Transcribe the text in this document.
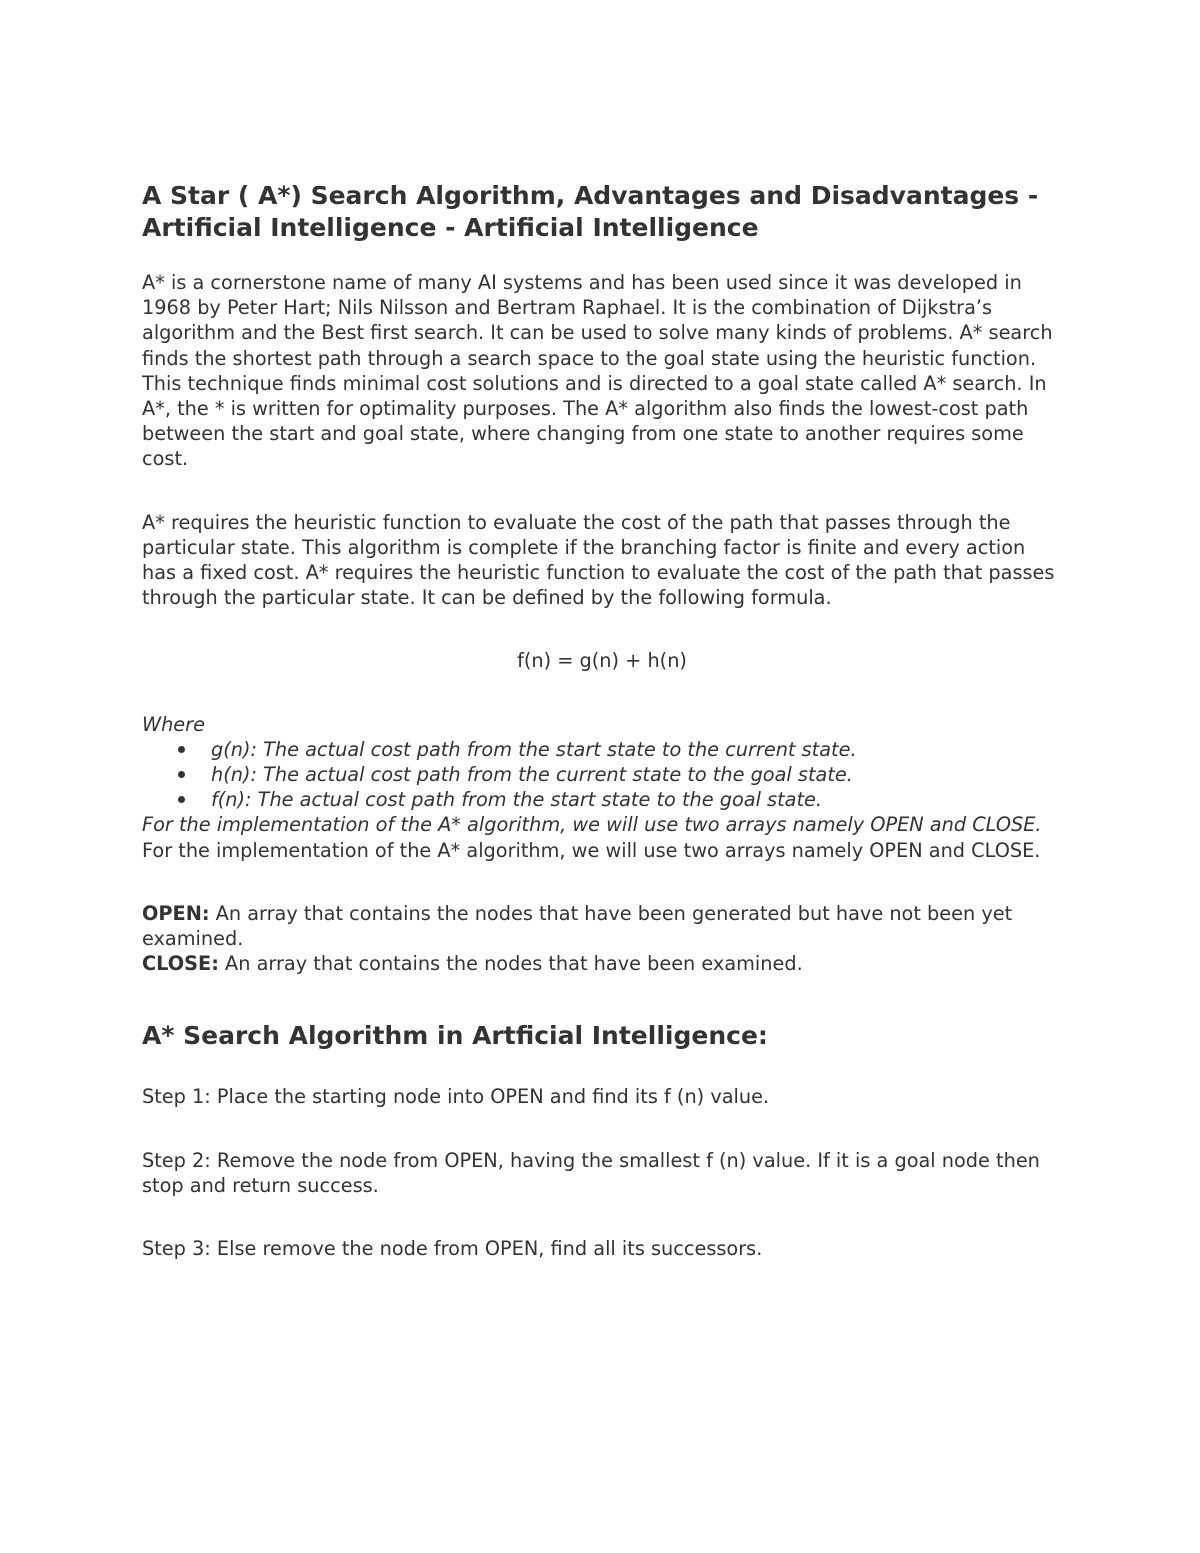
A Star ( A*) Search Algorithm, Advantages and Disadvantages - Artificial Intelligence - Artificial Intelligence

A* is a cornerstone name of many AI systems and has been used since it was developed in 1968 by Peter Hart; Nils Nilsson and Bertram Raphael. It is the combination of Dijkstra’s algorithm and the Best first search. It can be used to solve many kinds of problems. A* search finds the shortest path through a search space to the goal state using the heuristic function. This technique finds minimal cost solutions and is directed to a goal state called A* search. In A*, the * is written for optimality purposes. The A* algorithm also finds the lowest-cost path between the start and goal state, where changing from one state to another requires some cost.

A* requires the heuristic function to evaluate the cost of the path that passes through the particular state. This algorithm is complete if the branching factor is finite and every action has a fixed cost. A* requires the heuristic function to evaluate the cost of the path that passes through the particular state. It can be defined by the following formula.

f(n) = g(n) + h(n)

Where

g(n): The actual cost path from the start state to the current state.
h(n): The actual cost path from the current state to the goal state.
f(n): The actual cost path from the start state to the goal state.

For the implementation of the A* algorithm, we will use two arrays namely OPEN and CLOSE.

For the implementation of the A* algorithm, we will use two arrays namely OPEN and CLOSE.

OPEN: An array that contains the nodes that have been generated but have not been yet examined.

CLOSE: An array that contains the nodes that have been examined.

A* Search Algorithm in Artficial Intelligence:

Step 1: Place the starting node into OPEN and find its f (n) value.

Step 2: Remove the node from OPEN, having the smallest f (n) value. If it is a goal node then stop and return success.

Step 3: Else remove the node from OPEN, find all its successors.
